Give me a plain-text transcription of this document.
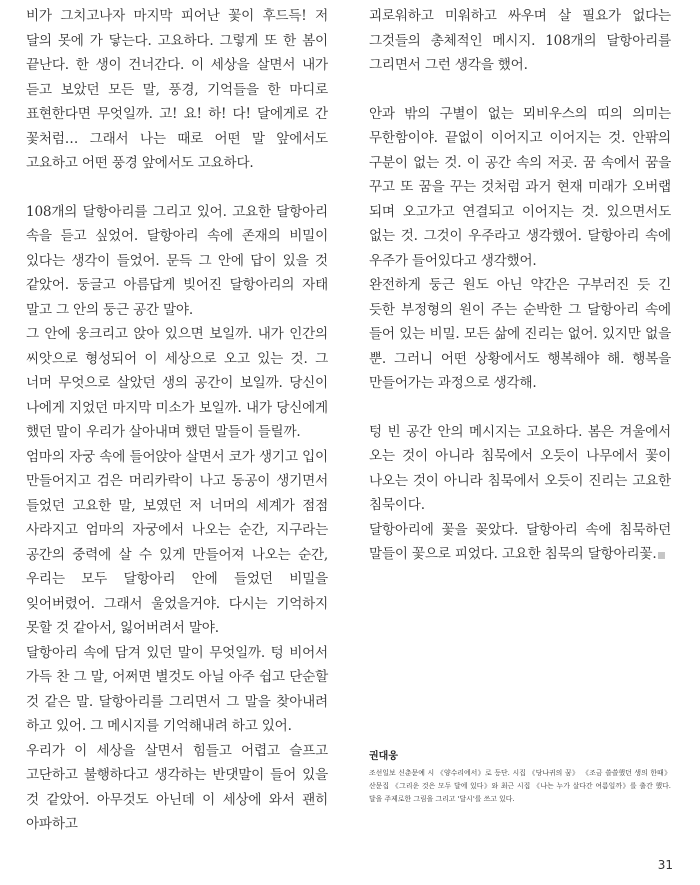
비가 그치고나자 마지막 피어난 꽃이 후드득! 저 달의 못에 가 닿는다. 고요하다. 그렇게 또 한 봄이 끝난다. 한 생이 건너간다. 이 세상을 살면서 내가 듣고 보았던 모든 말, 풍경, 기억들을 한 마디로 표현한다면 무엇일까. 고! 요! 하! 다! 달에게로 간 꽃처럼… 그래서 나는 때로 어떤 말 앞에서도 고요하고 어떤 풍경 앞에서도 고요하다.

108개의 달항아리를 그리고 있어. 고요한 달항아리 속을 듣고 싶었어. 달항아리 속에 존재의 비밀이 있다는 생각이 들었어. 문득 그 안에 답이 있을 것 같았어. 둥글고 아름답게 빚어진 달항아리의 자태 말고 그 안의 둥근 공간 말야.

그 안에 웅크리고 앉아 있으면 보일까. 내가 인간의 씨앗으로 형성되어 이 세상으로 오고 있는 것. 그 너머 무엇으로 살았던 생의 공간이 보일까. 당신이 나에게 지었던 마지막 미소가 보일까. 내가 당신에게 했던 말이 우리가 살아내며 했던 말들이 들릴까.

엄마의 자궁 속에 들어앉아 살면서 코가 생기고 입이 만들어지고 검은 머리카락이 나고 동공이 생기면서 들었던 고요한 말, 보였던 저 너머의 세계가 점점 사라지고 엄마의 자궁에서 나오는 순간, 지구라는 공간의 중력에 살 수 있게 만들어져 나오는 순간, 우리는 모두 달항아리 안에 들었던 비밀을 잊어버렸어. 그래서 울었을거야. 다시는 기억하지 못할 것 같아서, 잃어버려서 말야.

달항아리 속에 담겨 있던 말이 무엇일까. 텅 비어서 가득 찬 그 말, 어쩌면 별것도 아닐 아주 쉽고 단순할 것 같은 말. 달항아리를 그리면서 그 말을 찾아내려 하고 있어. 그 메시지를 기억해내려 하고 있어.

우리가 이 세상을 살면서 힘들고 어렵고 슬프고 고단하고 불행하다고 생각하는 반댓말이 들어 있을 것 같았어. 아무것도 아닌데 이 세상에 와서 괜히 아파하고

괴로워하고 미워하고 싸우며 살 필요가 없다는 그것들의 총체적인 메시지. 108개의 달항아리를 그리면서 그런 생각을 했어.

안과 밖의 구별이 없는 뫼비우스의 띠의 의미는 무한함이야. 끝없이 이어지고 이어지는 것. 안팎의 구분이 없는 것. 이 공간 속의 저곳. 꿈 속에서 꿈을 꾸고 또 꿈을 꾸는 것처럼 과거 현재 미래가 오버랩 되며 오고가고 연결되고 이어지는 것. 있으면서도 없는 것. 그것이 우주라고 생각했어. 달항아리 속에 우주가 들어있다고 생각했어.

완전하게 둥근 원도 아닌 약간은 구부러진 듯 긴 듯한 부정형의 원이 주는 순박한 그 달항아리 속에 들어 있는 비밀. 모든 삶에 진리는 없어. 있지만 없을 뿐. 그러니 어떤 상황에서도 행복해야 해. 행복을 만들어가는 과정으로 생각해.

텅 빈 공간 안의 메시지는 고요하다. 봄은 겨울에서 오는 것이 아니라 침묵에서 오듯이 나무에서 꽃이 나오는 것이 아니라 침묵에서 오듯이 진리는 고요한 침묵이다.

달항아리에 꽃을 꽂았다. 달항아리 속에 침묵하던 말들이 꽃으로 피었다. 고요한 침묵의 달항아리꽃.

권대웅

조선일보 신춘문예 시 《양수리에서》로 등단. 시집 《당나귀의 꿈》 《조금 쓸쓸했던 생의 한때》 산문집 《그리운 것은 모두 달에 있다》와 최근 시집 《나는 누가 살다간 여름일까》를 출간 했다. 달을 주제로한 그림을 그리고 '달시'를 쓰고 있다.

31
